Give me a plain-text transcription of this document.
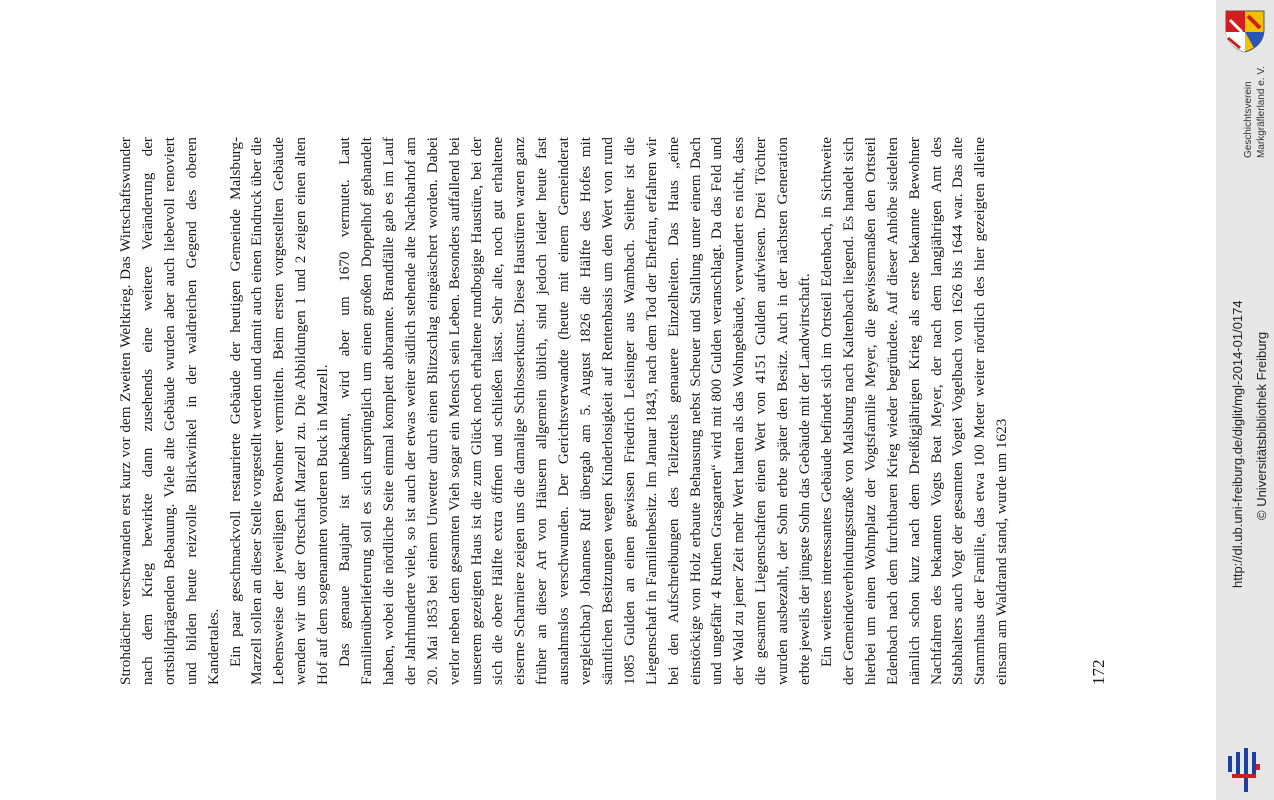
Strohdächer verschwanden erst kurz vor dem Zweiten Weltkrieg. Das Wirtschaftswunder nach dem Krieg bewirkte dann zusehends eine weitere Veränderung der ortsbildprägenden Bebauung. Viele alte Gebäude wurden aber auch liebevoll renoviert und bilden heute reizvolle Blickwinkel in der waldreichen Gegend des oberen Kandertales. Ein paar geschmackvoll restaurierte Gebäude der heutigen Gemeinde Malsburg-Marzell sollen an dieser Stelle vorgestellt werden und damit auch einen Eindruck über die Lebensweise der jeweiligen Bewohner vermitteln. Beim ersten vorgestellten Gebäude wenden wir uns der Ortschaft Marzell zu. Die Abbildungen 1 und 2 zeigen einen alten Hof auf dem sogenannten vorderen Buck in Marzell. Das genaue Baujahr ist unbekannt, wird aber um 1670 vermutet. Laut Familienüberlieferung soll es sich ursprünglich um einen großen Doppelhof gehandelt haben, wobei die nördliche Seite einmal komplett abbrannte. Brandfälle gab es im Lauf der Jahrhunderte viele, so ist auch der etwas weiter südlich stehende alte Nachbarhof am 20. Mai 1853 bei einem Unwetter durch einen Blitzschlag eingeäschert worden. Dabei verlor neben dem gesamten Vieh sogar ein Mensch sein Leben. Besonders auffallend bei unserem gezeigten Haus ist die zum Glück noch erhaltene rundbogige Haustüre, bei der sich die obere Hälfte extra öffnen und schließen lässt. Sehr alte, noch gut erhaltene eiserne Scharniere zeigen uns die damalige Schlosserkunst. Diese Haustüren waren ganz früher an dieser Art von Häusern allgemein üblich, sind jedoch leider heute fast ausnahmslos verschwunden. Der Gerichtsverwandte (heute mit einem Gemeinderat vergleichbar) Johannes Ruf übergab am 5. August 1826 die Hälfte des Hofes mit sämtlichen Besitzungen wegen Kinderlosigkeit auf Rentenbasis um den Wert von rund 1085 Gulden an einen gewissen Friedrich Leisinger aus Wambach. Seither ist die Liegenschaft in Familienbesitz. Im Januar 1843, nach dem Tod der Ehefrau, erfahren wir bei den Aufschreibungen des Teilzettels genauere Einzelheiten. Das Haus „eine einstöckige von Holz erbaute Behausung nebst Scheuer und Stallung unter einem Dach und ungefähr 4 Ruthen Grasgarten“ wird mit 800 Gulden veranschlagt. Da das Feld und der Wald zu jener Zeit mehr Wert hatten als das Wohngebäude, verwundert es nicht, dass die gesamten Liegenschaften einen Wert von 4151 Gulden aufwiesen. Drei Töchter wurden ausbezahlt, der Sohn erbte später den Besitz. Auch in der nächsten Generation erbte jeweils der jüngste Sohn das Gebäude mit der Landwirtschaft. Ein weiteres interessantes Gebäude befindet sich im Ortsteil Edenbach, in Sichtweite der Gemeindeverbindungsstraße von Malsburg nach Kaltenbach liegend. Es handelt sich hierbei um einen Wohnplatz der Vogtsfamilie Meyer, die gewissermaßen den Ortsteil Edenbach nach dem furchtbaren Krieg wieder begründete. Auf dieser Anhöhe siedelten nämlich schon kurz nach dem Dreißigjährigen Krieg als erste bekannte Bewohner Nachfahren des bekannten Vogts Beat Meyer, der nach dem langjährigen Amt des Stabhalters auch Vogt der gesamten Vogtei Vogelbach von 1626 bis 1644 war. Das alte Stammhaus der Familie, das etwa 100 Meter weiter nördlich des hier gezeigten alleine einsam am Waldrand stand, wurde um 1623	172
Geschichtsverein Markgräflerland e. V.
http://dl.ub.uni-freiburg.de/diglit/mgl-2014-01/0174 © Universitätsbibliothek Freiburg
